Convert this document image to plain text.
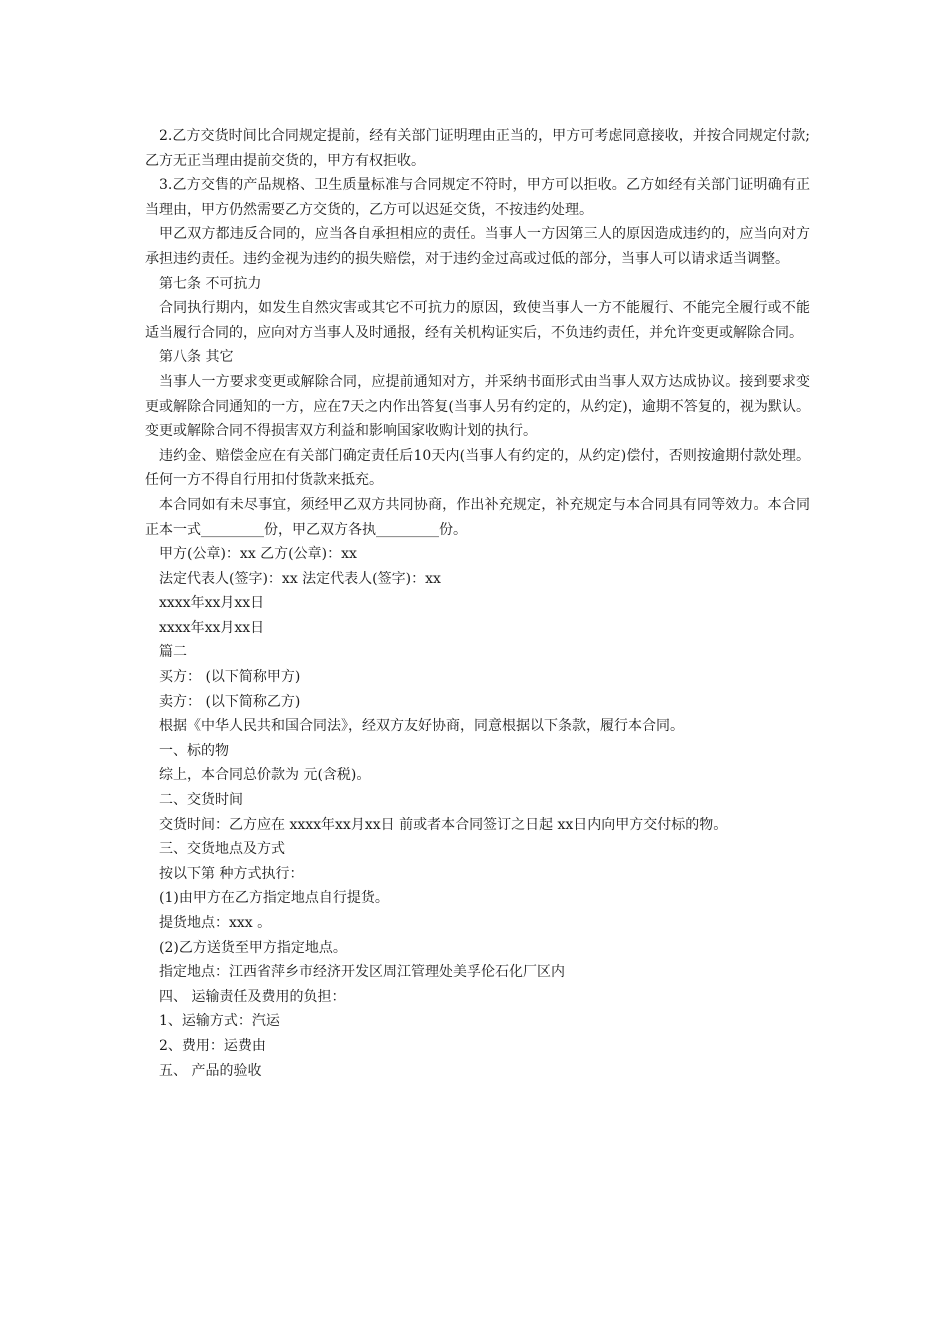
2.乙方交货时间比合同规定提前，经有关部门证明理由正当的，甲方可考虑同意接收，并按合同规定付款;乙方无正当理由提前交货的，甲方有权拒收。

3.乙方交售的产品规格、卫生质量标准与合同规定不符时，甲方可以拒收。乙方如经有关部门证明确有正当理由，甲方仍然需要乙方交货的，乙方可以迟延交货，不按违约处理。

甲乙双方都违反合同的，应当各自承担相应的责任。当事人一方因第三人的原因造成违约的，应当向对方承担违约责任。违约金视为违约的损失赔偿，对于违约金过高或过低的部分，当事人可以请求适当调整。

第七条 不可抗力

合同执行期内，如发生自然灾害或其它不可抗力的原因，致使当事人一方不能履行、不能完全履行或不能适当履行合同的，应向对方当事人及时通报，经有关机构证实后，不负违约责任，并允许变更或解除合同。

第八条 其它

当事人一方要求变更或解除合同，应提前通知对方，并采纳书面形式由当事人双方达成协议。接到要求变更或解除合同通知的一方，应在7天之内作出答复(当事人另有约定的，从约定)，逾期不答复的，视为默认。变更或解除合同不得损害双方利益和影响国家收购计划的执行。

违约金、赔偿金应在有关部门确定责任后10天内(当事人有约定的，从约定)偿付，否则按逾期付款处理。任何一方不得自行用扣付货款来抵充。

本合同如有未尽事宜，须经甲乙双方共同协商，作出补充规定，补充规定与本合同具有同等效力。本合同正本一式_________份，甲乙双方各执_________份。

甲方(公章)：xx 乙方(公章)：xx

法定代表人(签字)：xx 法定代表人(签字)：xx

xxxx年xx月xx日

xxxx年xx月xx日

篇二

买方： (以下简称甲方)

卖方： (以下简称乙方)

根据《中华人民共和国合同法》，经双方友好协商，同意根据以下条款，履行本合同。

一、标的物

综上，本合同总价款为 元(含税)。

二、交货时间

交货时间：乙方应在 xxxx年xx月xx日 前或者本合同签订之日起 xx日内向甲方交付标的物。

三、交货地点及方式

按以下第 种方式执行：

(1)由甲方在乙方指定地点自行提货。

提货地点：xxx 。

(2)乙方送货至甲方指定地点。

指定地点：江西省萍乡市经济开发区周江管理处美孚伦石化厂区内

四、 运输责任及费用的负担：

1、运输方式：汽运

2、费用：运费由

五、 产品的验收
